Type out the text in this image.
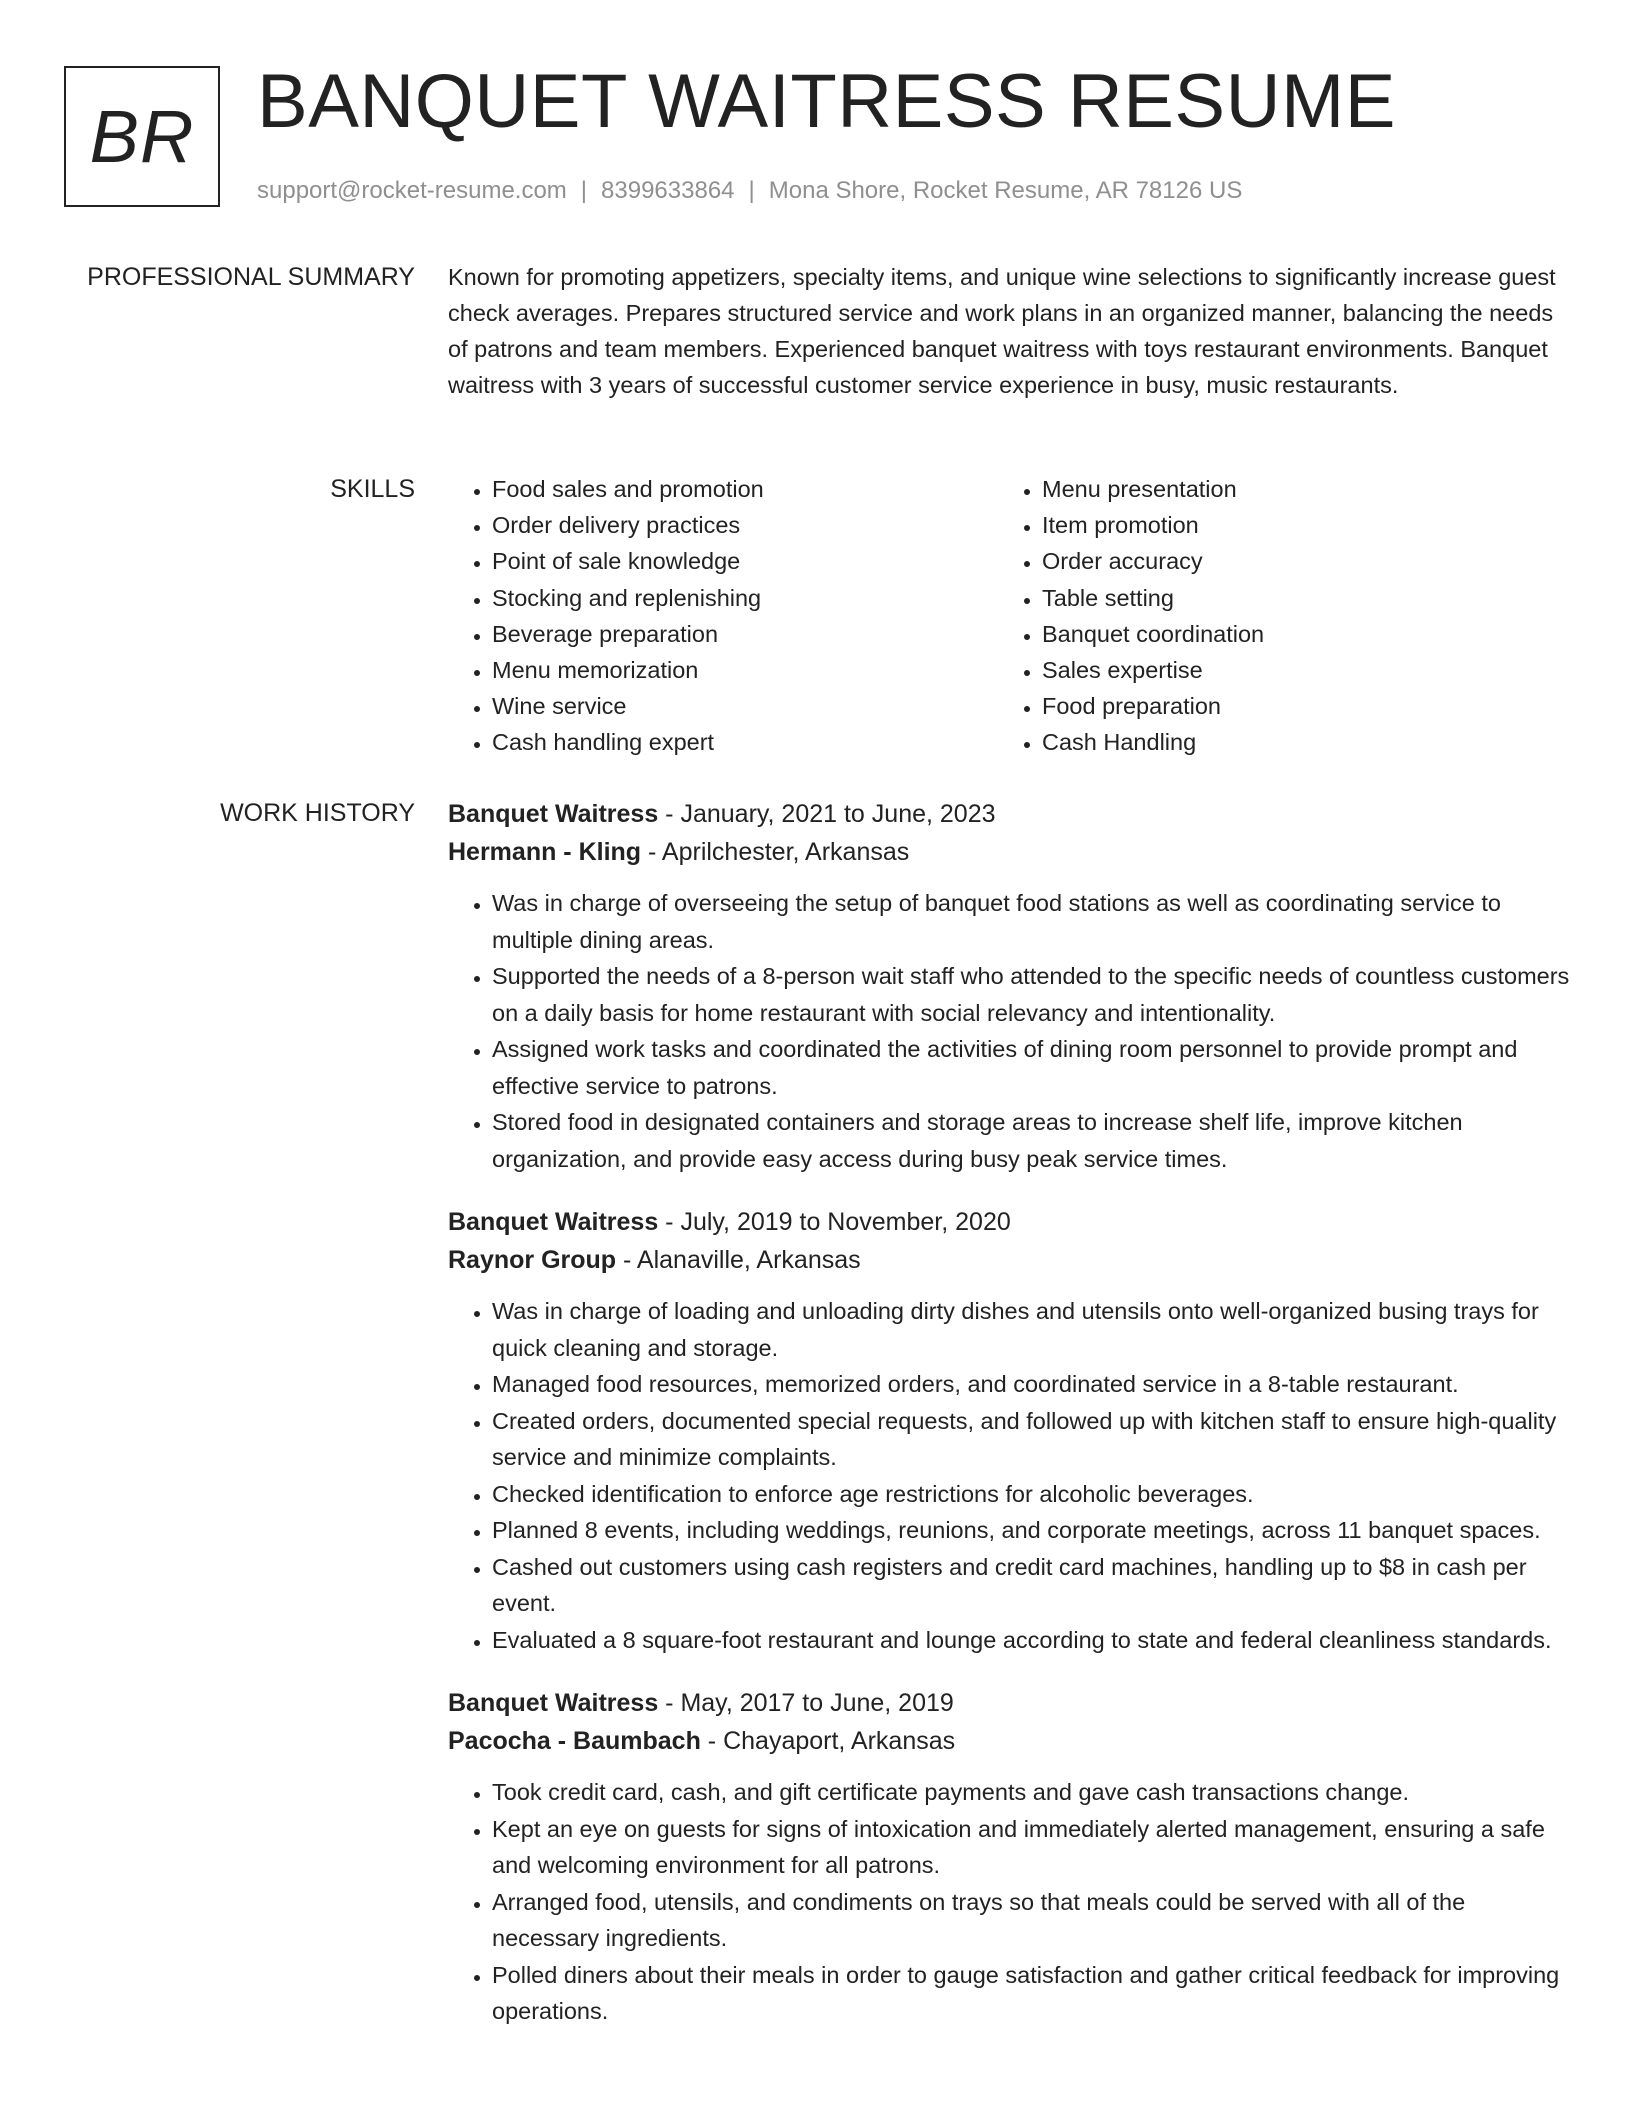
BR BANQUET WAITRESS RESUME
support@rocket-resume.com | 8399633864 | Mona Shore, Rocket Resume, AR 78126 US
PROFESSIONAL SUMMARY Known for promoting appetizers, specialty items, and unique wine selections to significantly increase guest check averages. Prepares structured service and work plans in an organized manner, balancing the needs of patrons and team members. Experienced banquet waitress with toys restaurant environments. Banquet waitress with 3 years of successful customer service experience in busy, music restaurants.

SKILLS
•	Food sales and promotion
• Order delivery practices
• Point of sale knowledge
• Stocking and replenishing
• Beverage preparation
• Menu memorization
• Wine service
• Cash handling expert
• Menu presentation
• Item promotion
• Order accuracy
• Table setting
• Banquet coordination
• Sales expertise
• Food preparation
• Cash Handling
WORK HISTORY Banquet Waitress - January, 2021 to June, 2023
Hermann - Kling - Aprilchester, Arkansas
• Was in charge of overseeing the setup of banquet food stations as well as coordinating service to multiple dining areas.
• Supported the needs of a 8-person wait staff who attended to the specific needs of countless customers on a daily basis for home restaurant with social relevancy and intentionality.
• Assigned work tasks and coordinated the activities of dining room personnel to provide prompt and effective service to patrons.
• Stored food in designated containers and storage areas to increase shelf life, improve kitchen organization, and provide easy access during busy peak service times.
Banquet Waitress - July, 2019 to November, 2020
Raynor Group - Alanaville, Arkansas
• Was in charge of loading and unloading dirty dishes and utensils onto well-organized busing trays for quick cleaning and storage.
• Managed food resources, memorized orders, and coordinated service in a 8-table restaurant.
• Created orders, documented special requests, and followed up with kitchen staff to ensure high-quality service and minimize complaints.
• Checked identification to enforce age restrictions for alcoholic beverages.
• Planned 8 events, including weddings, reunions, and corporate meetings, across 11 banquet spaces.
• Cashed out customers using cash registers and credit card machines, handling up to $8 in cash per event.
• Evaluated a 8 square-foot restaurant and lounge according to state and federal cleanliness standards.
Banquet Waitress - May, 2017 to June, 2019
Pacocha - Baumbach - Chayaport, Arkansas
• Took credit card, cash, and gift certificate payments and gave cash transactions change.
• Kept an eye on guests for signs of intoxication and immediately alerted management, ensuring a safe and welcoming environment for all patrons.
• Arranged food, utensils, and condiments on trays so that meals could be served with all of the necessary ingredients.
• Polled diners about their meals in order to gauge satisfaction and gather critical feedback for improving operations.
